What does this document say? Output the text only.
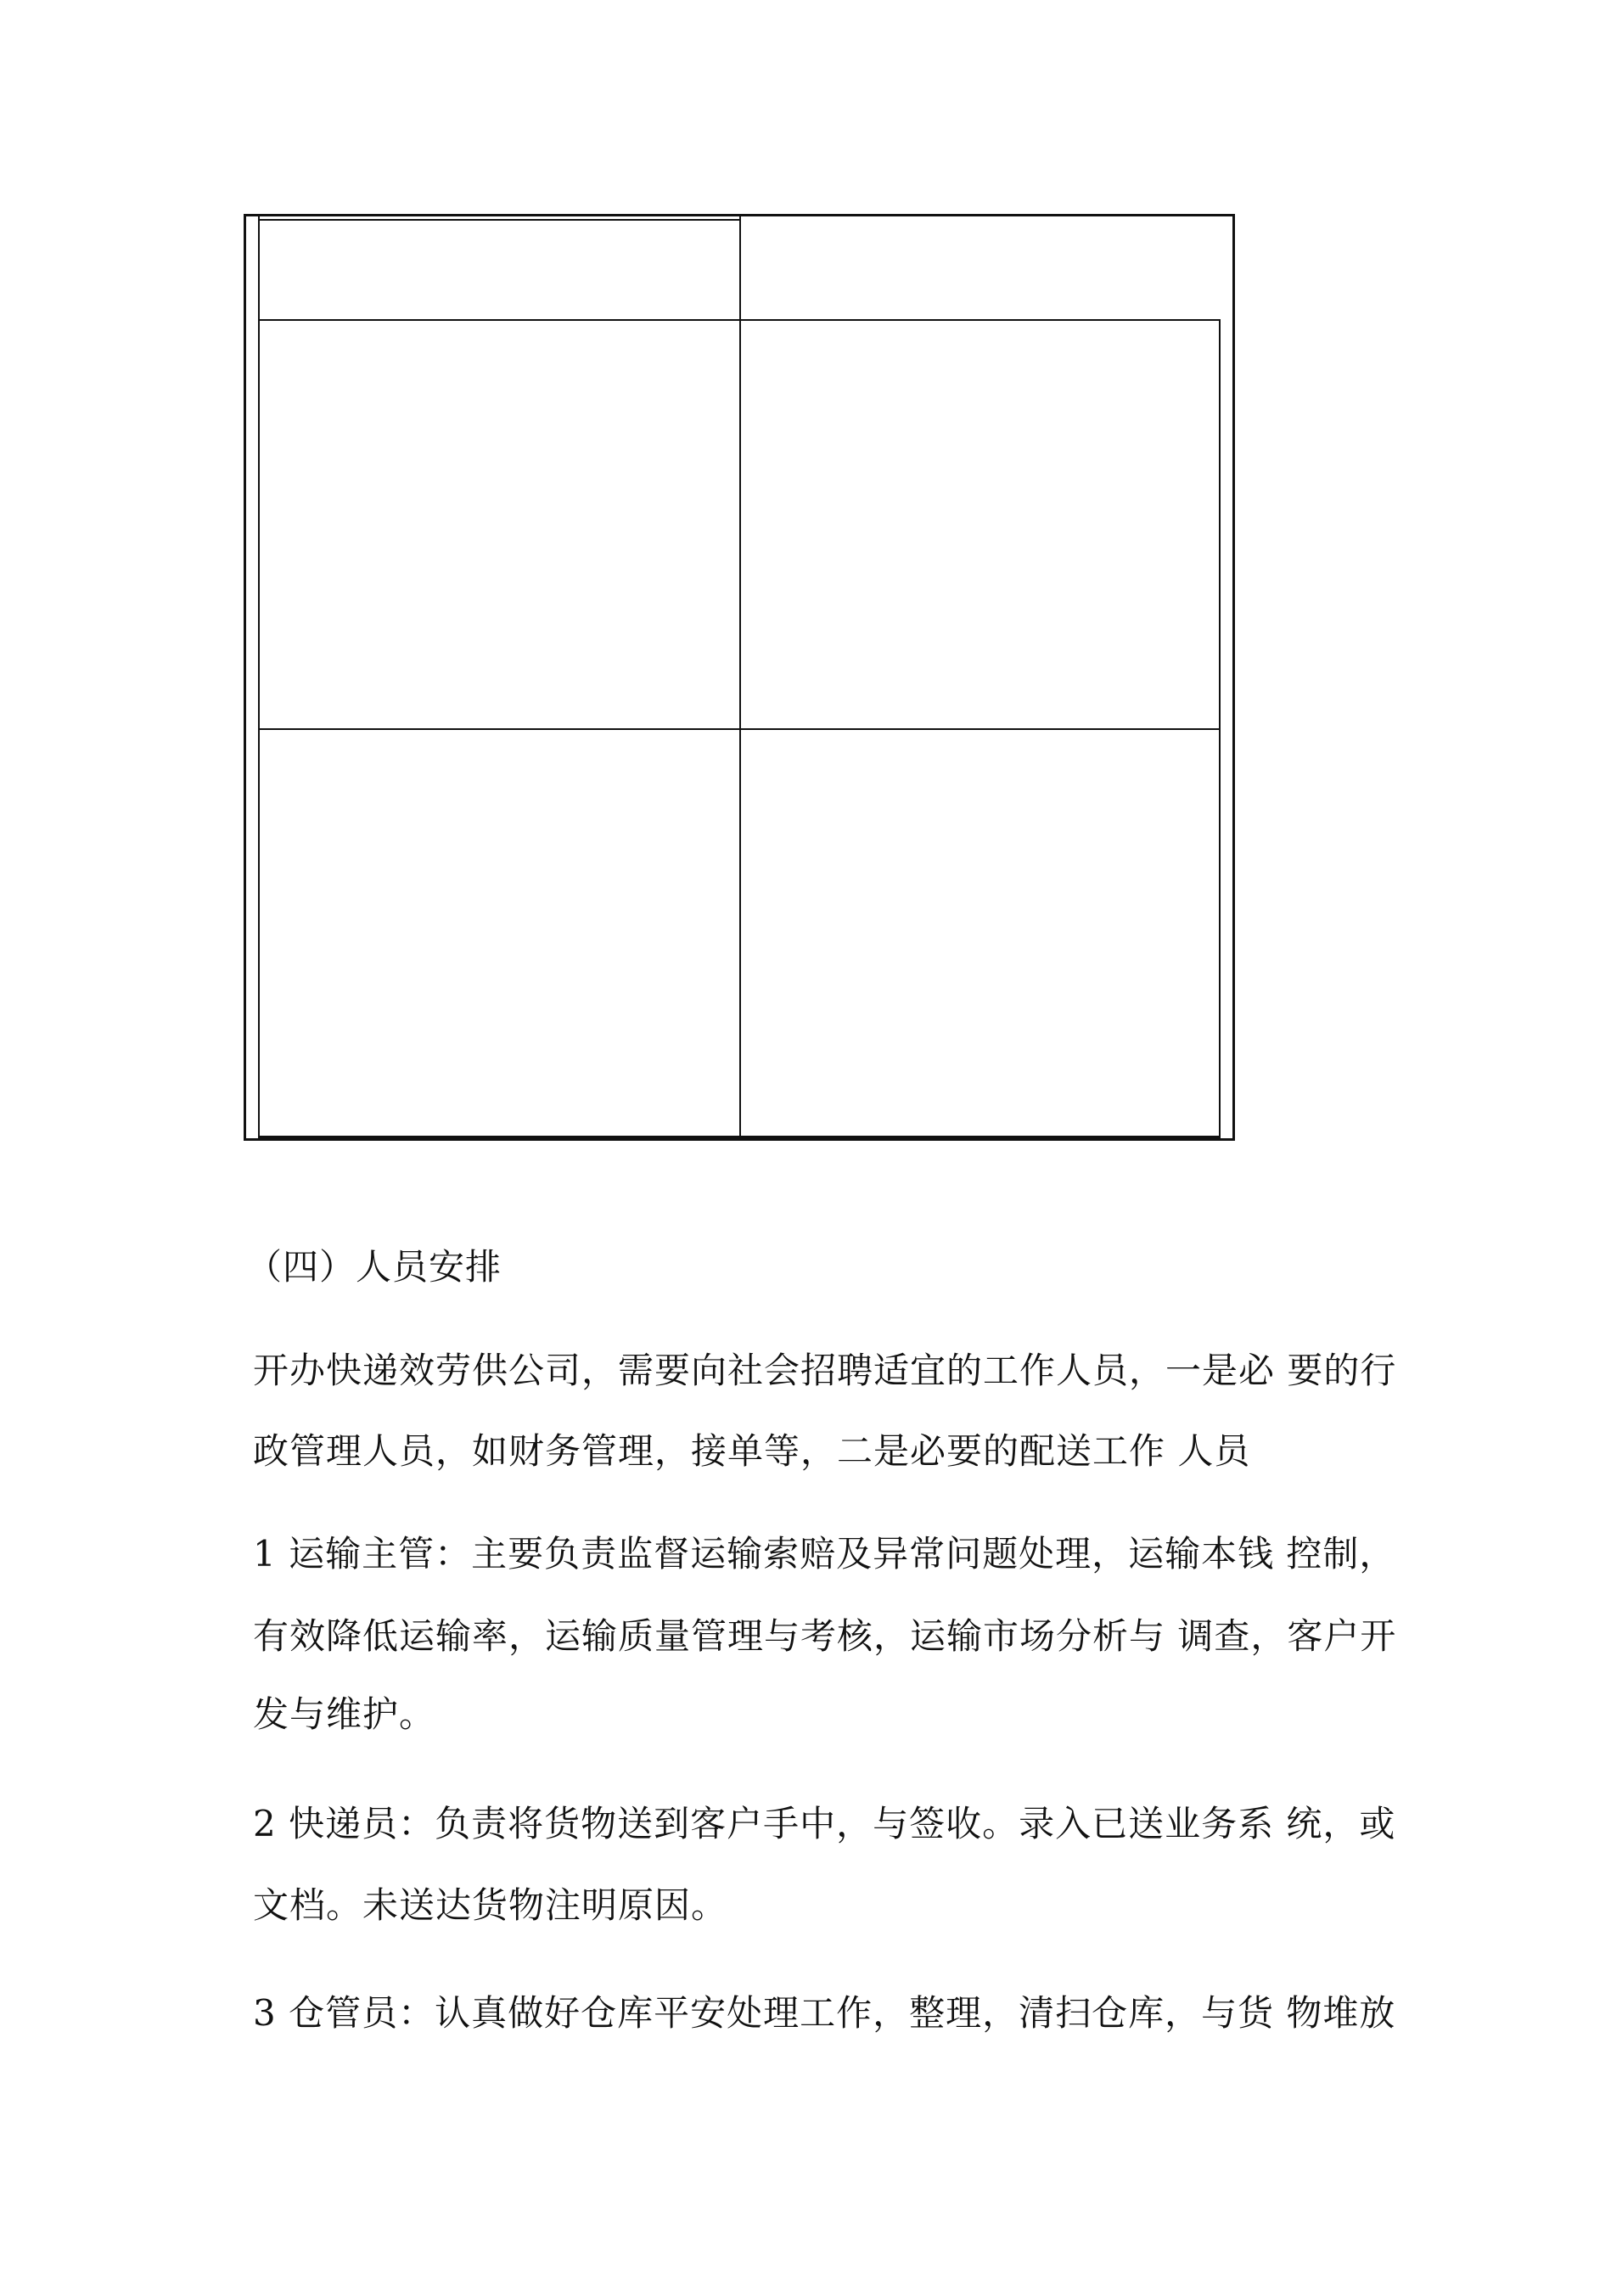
（四）人员安排
开办快递效劳供公司，需要向社会招聘适宜的工作人员，一是必 要的行
政管理人员，如财务管理，接单等，二是必要的配送工作 人员
1 运输主管：主要负责监督运输索赔及异常问题处理，运输本钱 控制，
有效降低运输率，运输质量管理与考核，运输市场分析与 调查，客户开
发与维护。
2 快递员：负责将货物送到客户手中，与签收。录入已送业务系 统，或
文档。未送达货物注明原因。
3 仓管员：认真做好仓库平安处理工作，整理，清扫仓库，与货 物堆放
